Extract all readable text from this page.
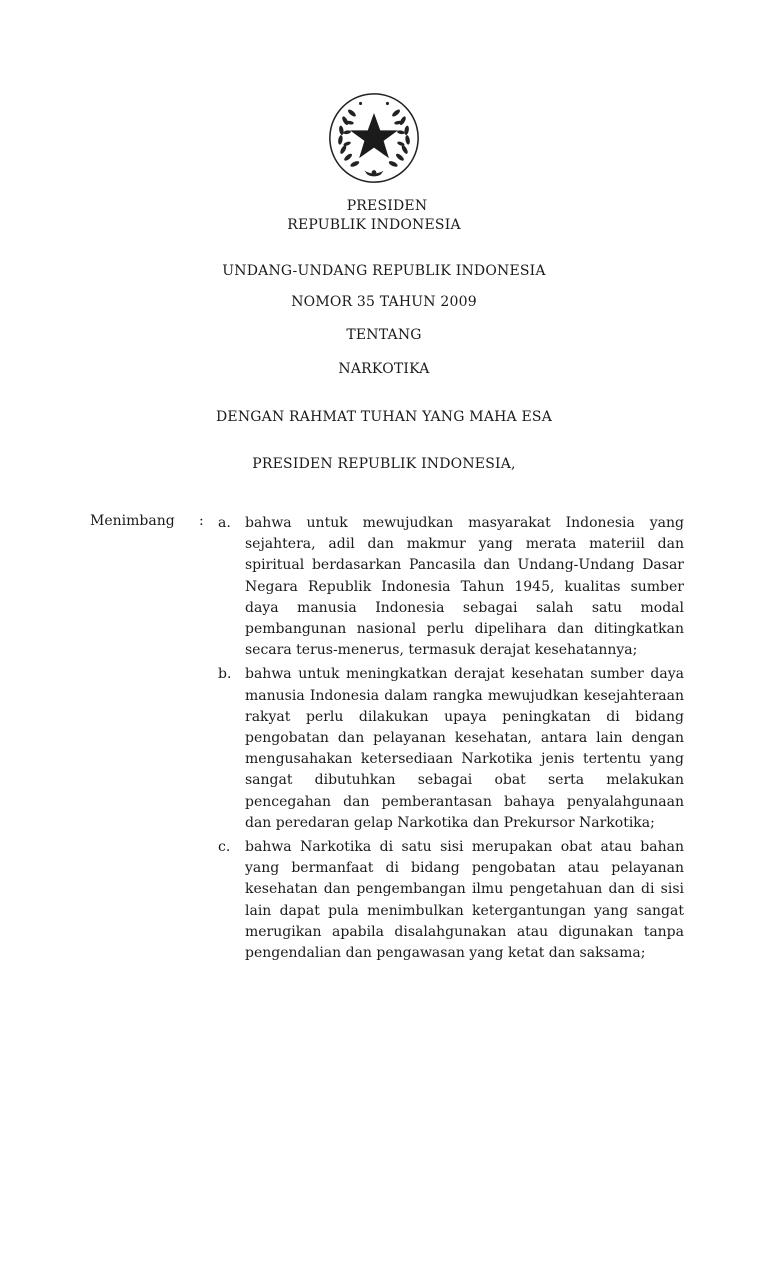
PRESIDEN
REPUBLIK INDONESIA
UNDANG-UNDANG REPUBLIK INDONESIA
NOMOR 35 TAHUN 2009
TENTANG
NARKOTIKA
DENGAN RAHMAT TUHAN YANG MAHA ESA
PRESIDEN REPUBLIK INDONESIA,
Menimbang : a. bahwa untuk mewujudkan masyarakat Indonesia yang sejahtera, adil dan makmur yang merata materiil dan spiritual berdasarkan Pancasila dan Undang-Undang Dasar Negara Republik Indonesia Tahun 1945, kualitas sumber daya manusia Indonesia sebagai salah satu modal pembangunan nasional perlu dipelihara dan ditingkatkan secara terus-menerus, termasuk derajat kesehatannya;

b. bahwa untuk meningkatkan derajat kesehatan sumber daya manusia Indonesia dalam rangka mewujudkan kesejahteraan rakyat perlu dilakukan upaya peningkatan di bidang pengobatan dan pelayanan kesehatan, antara lain dengan mengusahakan ketersediaan Narkotika jenis tertentu yang sangat dibutuhkan sebagai obat serta melakukan pencegahan dan pemberantasan bahaya penyalahgunaan dan peredaran gelap Narkotika dan Prekursor Narkotika;

c. bahwa Narkotika di satu sisi merupakan obat atau bahan yang bermanfaat di bidang pengobatan atau pelayanan kesehatan dan pengembangan ilmu pengetahuan dan di sisi lain dapat pula menimbulkan ketergantungan yang sangat merugikan apabila disalahgunakan atau digunakan tanpa pengendalian dan pengawasan yang ketat dan saksama;
